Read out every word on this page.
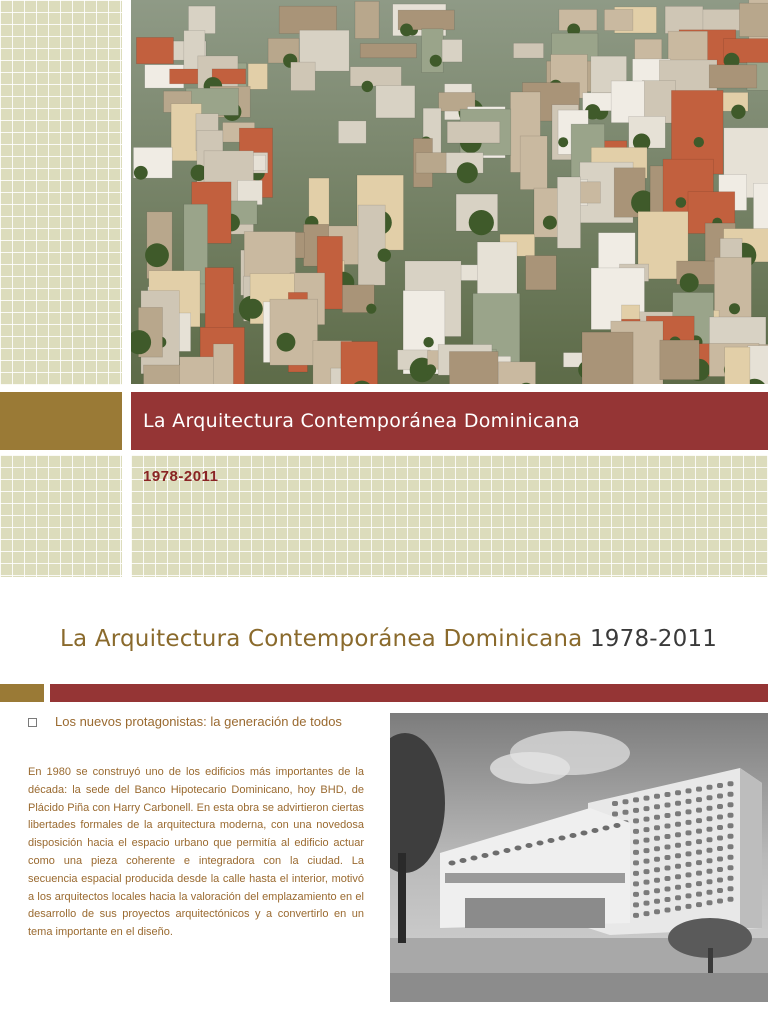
La Arquitectura Contemporánea Dominicana
1978-2011
La Arquitectura Contemporánea Dominicana 1978-2011
Los nuevos protagonistas: la generación de todos

En 1980 se construyó uno de los edificios más importantes de la década: la sede del Banco Hipotecario Dominicano, hoy BHD, de Plácido Piña con Harry Carbonell. En esta obra se advirtieron ciertas libertades formales de la arquitectura moderna, con una novedosa disposición hacia el espacio urbano que permitía al edificio actuar como una pieza coherente e integradora con la ciudad. La secuencia espacial producida desde la calle hasta el interior, motivó a los arquitectos locales hacia la valoración del emplazamiento en el desarrollo de sus proyectos arquitectónicos y a convertirlo en un tema importante en el diseño.
